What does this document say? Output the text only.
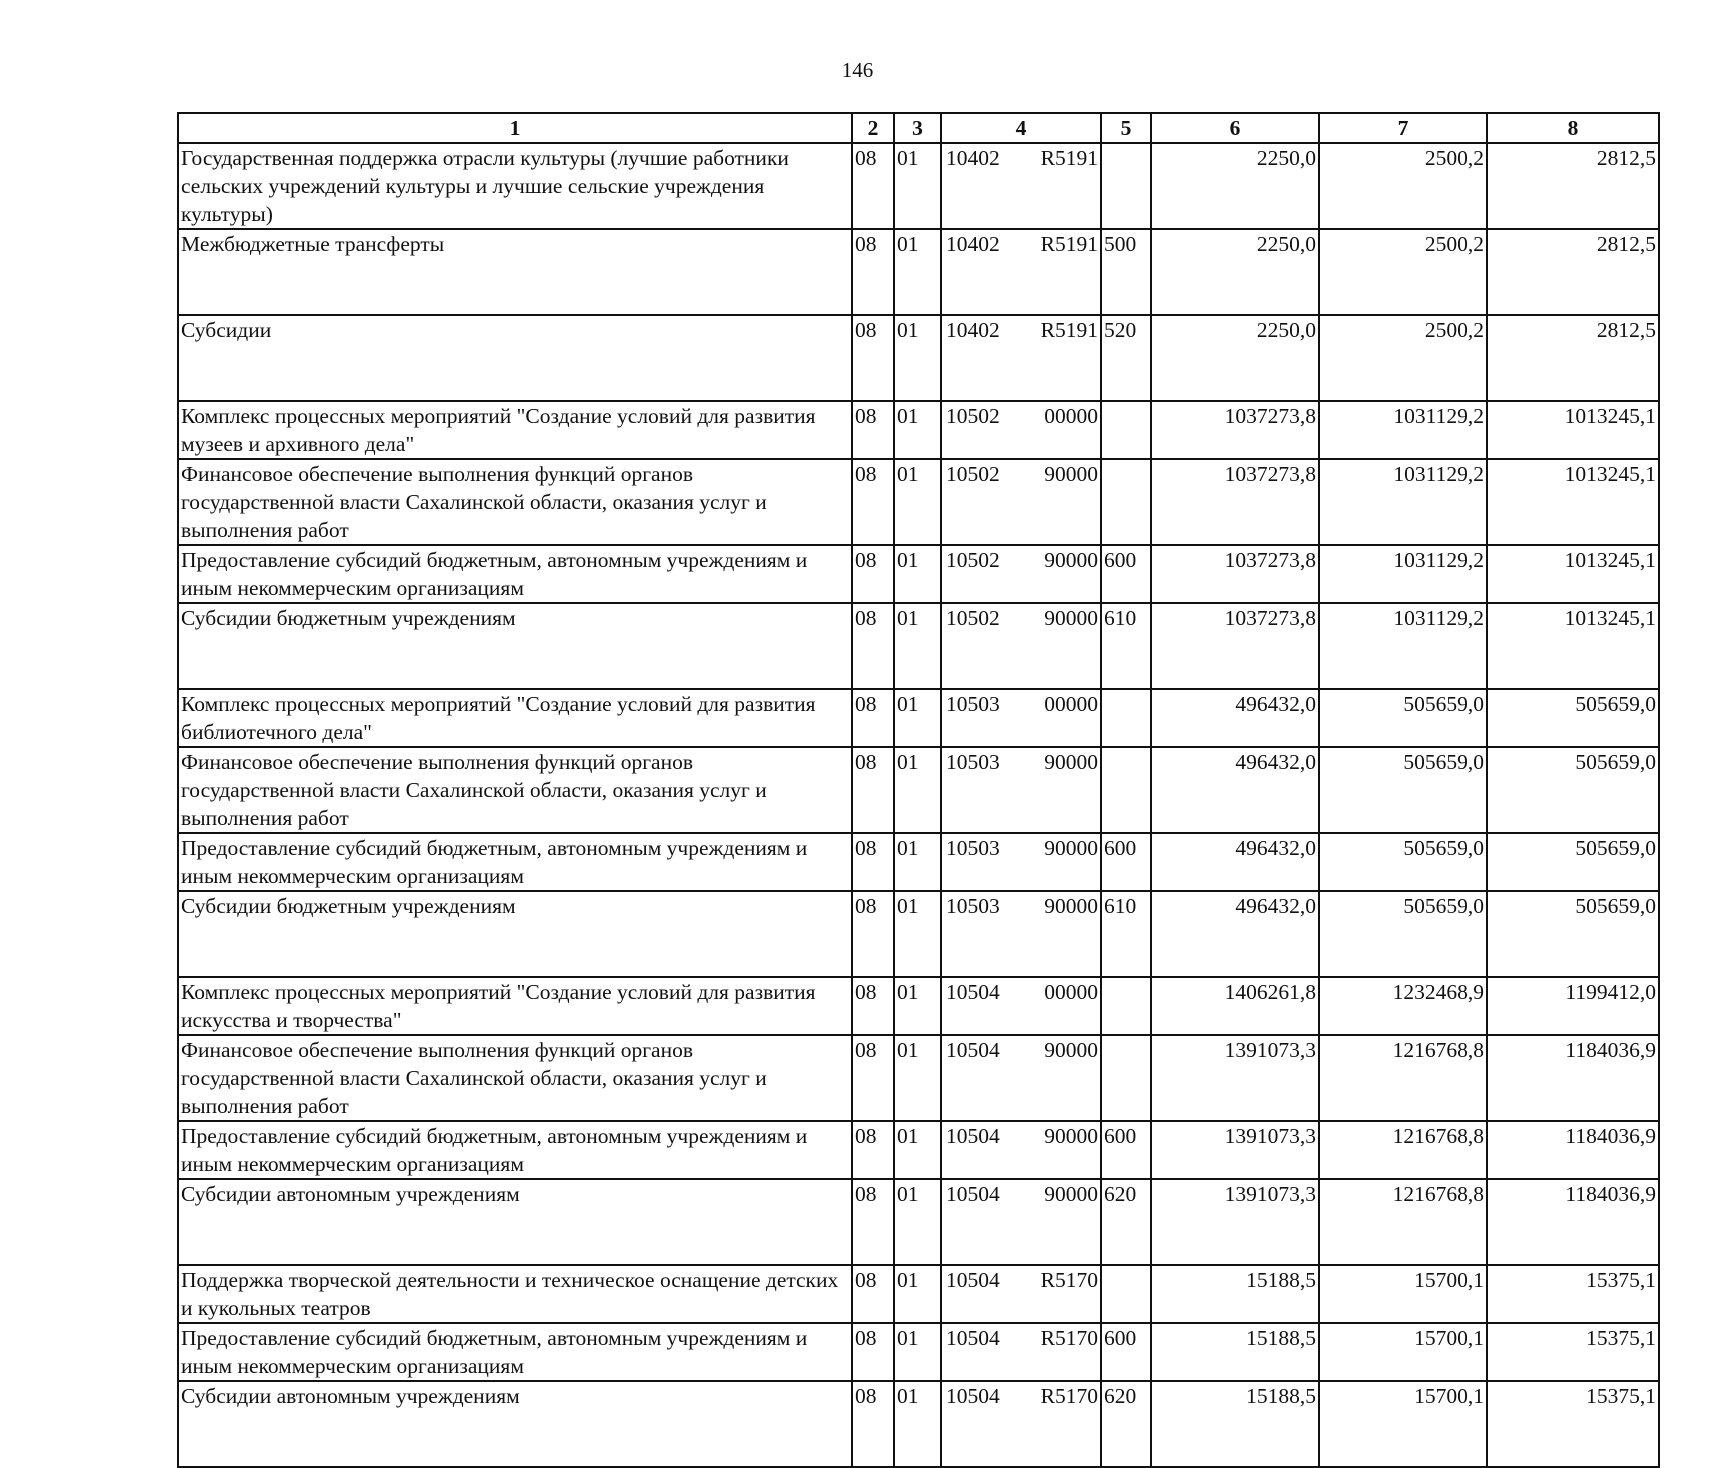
146
1	2	3	4	5	6	7	8
Государственная поддержка отрасли культуры (лучшие работники сельских учреждений культуры и лучшие сельские учреждения культуры)	08	01	10402 R5191		2250,0	2500,2	2812,5
Межбюджетные трансферты	08	01	10402 R5191	500	2250,0	2500,2	2812,5
Субсидии	08	01	10402 R5191	520	2250,0	2500,2	2812,5
Комплекс процессных мероприятий "Создание условий для развития музеев и архивного дела"	08	01	10502 00000		1037273,8	1031129,2	1013245,1
Финансовое обеспечение выполнения функций органов государственной власти Сахалинской области, оказания услуг и выполнения работ	08	01	10502 90000		1037273,8	1031129,2	1013245,1
Предоставление субсидий бюджетным, автономным учреждениям и иным некоммерческим организациям	08	01	10502 90000	600	1037273,8	1031129,2	1013245,1
Субсидии бюджетным учреждениям	08	01	10502 90000	610	1037273,8	1031129,2	1013245,1
Комплекс процессных мероприятий "Создание условий для развития библиотечного дела"	08	01	10503 00000		496432,0	505659,0	505659,0
Финансовое обеспечение выполнения функций органов государственной власти Сахалинской области, оказания услуг и выполнения работ	08	01	10503 90000		496432,0	505659,0	505659,0
Предоставление субсидий бюджетным, автономным учреждениям и иным некоммерческим организациям	08	01	10503 90000	600	496432,0	505659,0	505659,0
Субсидии бюджетным учреждениям	08	01	10503 90000	610	496432,0	505659,0	505659,0
Комплекс процессных мероприятий "Создание условий для развития искусства и творчества"	08	01	10504 00000		1406261,8	1232468,9	1199412,0
Финансовое обеспечение выполнения функций органов государственной власти Сахалинской области, оказания услуг и выполнения работ	08	01	10504 90000		1391073,3	1216768,8	1184036,9
Предоставление субсидий бюджетным, автономным учреждениям и иным некоммерческим организациям	08	01	10504 90000	600	1391073,3	1216768,8	1184036,9
Субсидии автономным учреждениям	08	01	10504 90000	620	1391073,3	1216768,8	1184036,9
Поддержка творческой деятельности и техническое оснащение детских и кукольных театров	08	01	10504 R5170		15188,5	15700,1	15375,1
Предоставление субсидий бюджетным, автономным учреждениям и иным некоммерческим организациям	08	01	10504 R5170	600	15188,5	15700,1	15375,1
Субсидии автономным учреждениям	08	01	10504 R5170	620	15188,5	15700,1	15375,1
